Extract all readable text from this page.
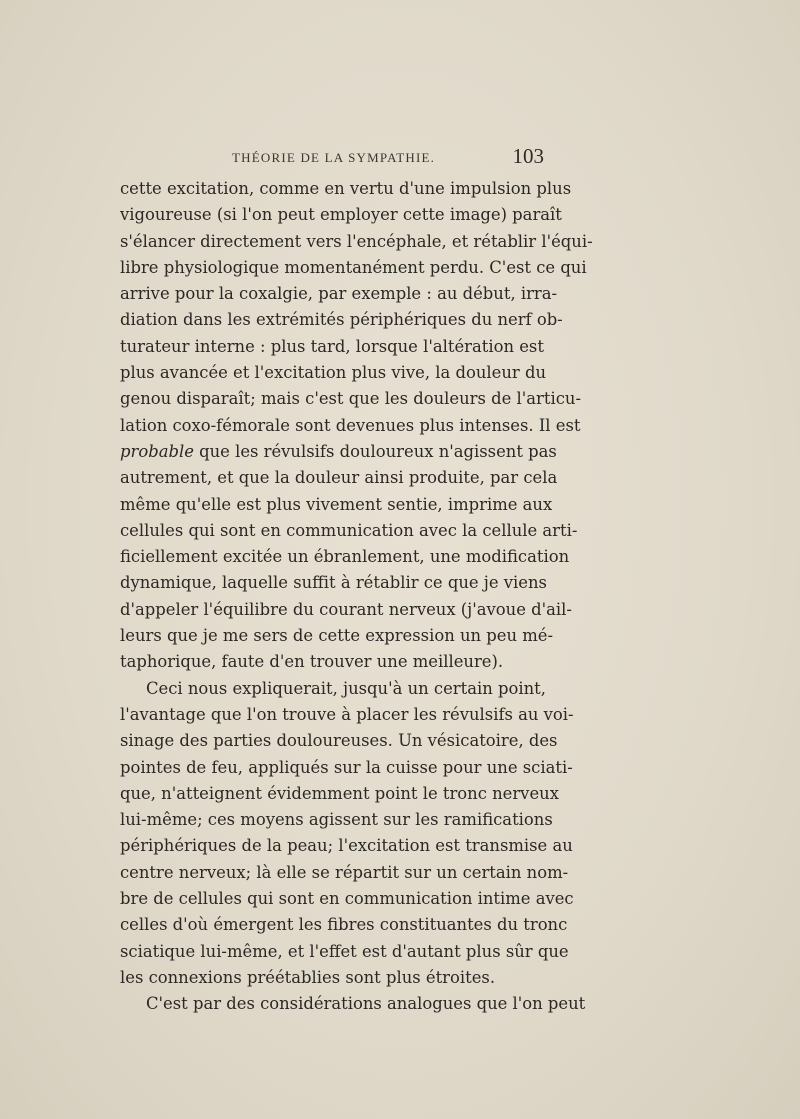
THÉORIE DE LA SYMPATHIE.	103
cette excitation, comme en vertu d'une impulsion plus
vigoureuse (si l'on peut employer cette image) paraît
s'élancer directement vers l'encéphale, et rétablir l'équi-
libre physiologique momentanément perdu. C'est ce qui
arrive pour la coxalgie, par exemple : au début, irra-
diation dans les extrémités périphériques du nerf ob-
turateur interne : plus tard, lorsque l'altération est
plus avancée et l'excitation plus vive, la douleur du
genou disparaît; mais c'est que les douleurs de l'articu-
lation coxo-fémorale sont devenues plus intenses. Il est
probable que les révulsifs douloureux n'agissent pas
autrement, et que la douleur ainsi produite, par cela
même qu'elle est plus vivement sentie, imprime aux
cellules qui sont en communication avec la cellule arti-
ficiellement excitée un ébranlement, une modification
dynamique, laquelle suffit à rétablir ce que je viens
d'appeler l'équilibre du courant nerveux (j'avoue d'ail-
leurs que je me sers de cette expression un peu mé-
taphorique, faute d'en trouver une meilleure).
Ceci nous expliquerait, jusqu'à un certain point,
l'avantage que l'on trouve à placer les révulsifs au voi-
sinage des parties douloureuses. Un vésicatoire, des
pointes de feu, appliqués sur la cuisse pour une sciati-
que, n'atteignent évidemment point le tronc nerveux
lui-même; ces moyens agissent sur les ramifications
périphériques de la peau; l'excitation est transmise au
centre nerveux; là elle se répartit sur un certain nom-
bre de cellules qui sont en communication intime avec
celles d'où émergent les fibres constituantes du tronc
sciatique lui-même, et l'effet est d'autant plus sûr que
les connexions préétablies sont plus étroites.
C'est par des considérations analogues que l'on peut
